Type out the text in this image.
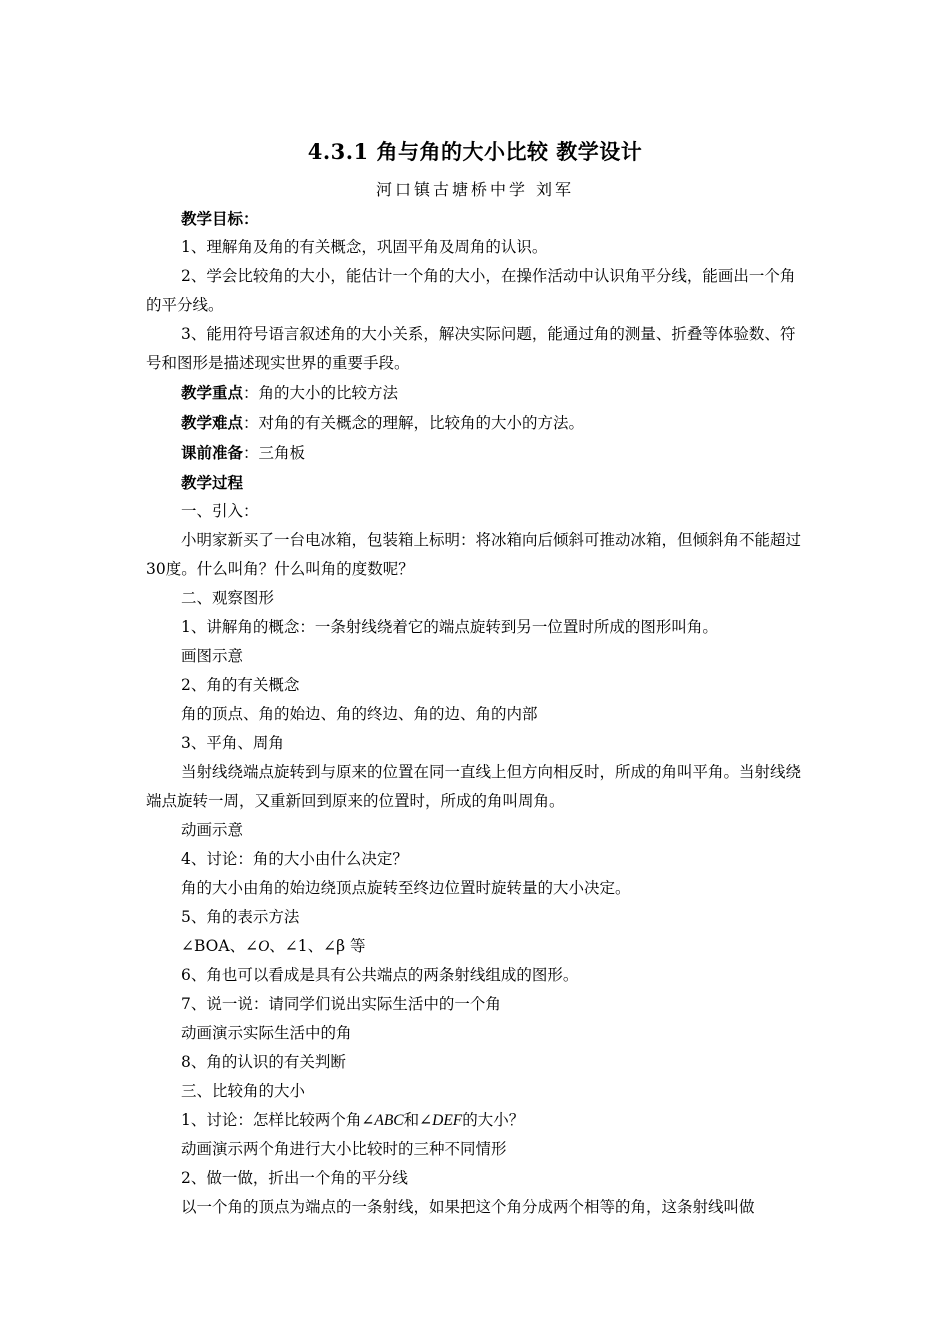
4.3.1 角与角的大小比较 教学设计
河口镇古塘桥中学 刘军

教学目标：

1、理解角及角的有关概念，巩固平角及周角的认识。

2、学会比较角的大小，能估计一个角的大小，在操作活动中认识角平分线，能画出一个角的平分线。

3、能用符号语言叙述角的大小关系，解决实际问题，能通过角的测量、折叠等体验数、符号和图形是描述现实世界的重要手段。

教学重点：角的大小的比较方法

教学难点：对角的有关概念的理解，比较角的大小的方法。

课前准备：三角板

教学过程

一、引入：

小明家新买了一台电冰箱，包装箱上标明：将冰箱向后倾斜可推动冰箱，但倾斜角不能超过30度。什么叫角？什么叫角的度数呢？

二、观察图形

1、讲解角的概念：一条射线绕着它的端点旋转到另一位置时所成的图形叫角。

画图示意

2、角的有关概念

角的顶点、角的始边、角的终边、角的边、角的内部

3、平角、周角

当射线绕端点旋转到与原来的位置在同一直线上但方向相反时，所成的角叫平角。当射线绕端点旋转一周，又重新回到原来的位置时，所成的角叫周角。

动画示意

4、讨论：角的大小由什么决定？

角的大小由角的始边绕顶点旋转至终边位置时旋转量的大小决定。

5、角的表示方法

∠BOA、∠O、∠1、∠β 等

6、角也可以看成是具有公共端点的两条射线组成的图形。

7、说一说：请同学们说出实际生活中的一个角

动画演示实际生活中的角

8、角的认识的有关判断

三、比较角的大小

1、讨论：怎样比较两个角∠ABC和∠DEF的大小？

动画演示两个角进行大小比较时的三种不同情形

2、做一做，折出一个角的平分线

以一个角的顶点为端点的一条射线，如果把这个角分成两个相等的角，这条射线叫做
